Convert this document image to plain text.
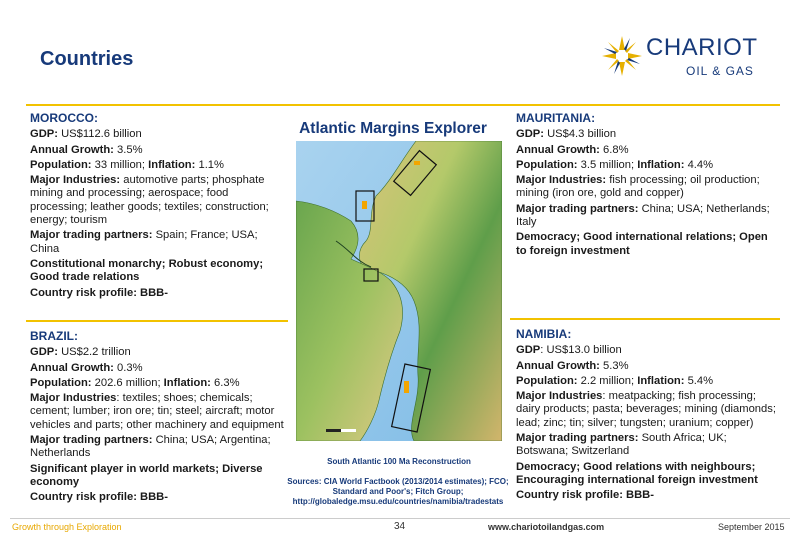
Countries	CHARIOT
OIL & GAS
MOROCCO:
GDP: US$112.6 billion
Annual Growth: 3.5%
Population: 33 million; Inflation: 1.1%
Major Industries: automotive parts; phosphate mining and processing; aerospace; food processing; leather goods; textiles; construction; energy; tourism
Major trading partners: Spain; France; USA; China
Constitutional monarchy; Robust economy; Good trade relations
Country risk profile: BBB-
MAURITANIA:
GDP: US$4.3 billion
Annual Growth: 6.8%
Population: 3.5 million; Inflation: 4.4%
Major Industries: fish processing; oil production; mining (iron ore, gold and copper)
Major trading partners: China; USA; Netherlands; Italy
Democracy; Good international relations; Open to foreign investment
BRAZIL:
GDP: US$2.2 trillion
Annual Growth: 0.3%
Population: 202.6 million; Inflation: 6.3%
Major Industries: textiles; shoes; chemicals; cement; lumber; iron ore; tin; steel; aircraft; motor vehicles and parts; other machinery and equipment
Major trading partners: China; USA; Argentina; Netherlands
Significant player in world markets; Diverse economy
Country risk profile: BBB-
NAMIBIA:
GDP: US$13.0 billion
Annual Growth: 5.3%
Population: 2.2 million; Inflation: 5.4%
Major Industries: meatpacking; fish processing; dairy products; pasta; beverages; mining (diamonds; lead; zinc; tin; silver; tungsten; uranium; copper)
Major trading partners: South Africa; UK; Botswana; Switzerland
Democracy; Good relations with neighbours; Encouraging international foreign investment
Country risk profile: BBB-
Atlantic Margins Explorer
South Atlantic 100 Ma Reconstruction
Sources: CIA World Factbook (2013/2014 estimates); FCO; Standard and Poor's; Fitch Group; http://globaledge.msu.edu/countries/namibia/tradestats
Growth through Exploration	34	www.chariotoilandgas.com	September 2015
